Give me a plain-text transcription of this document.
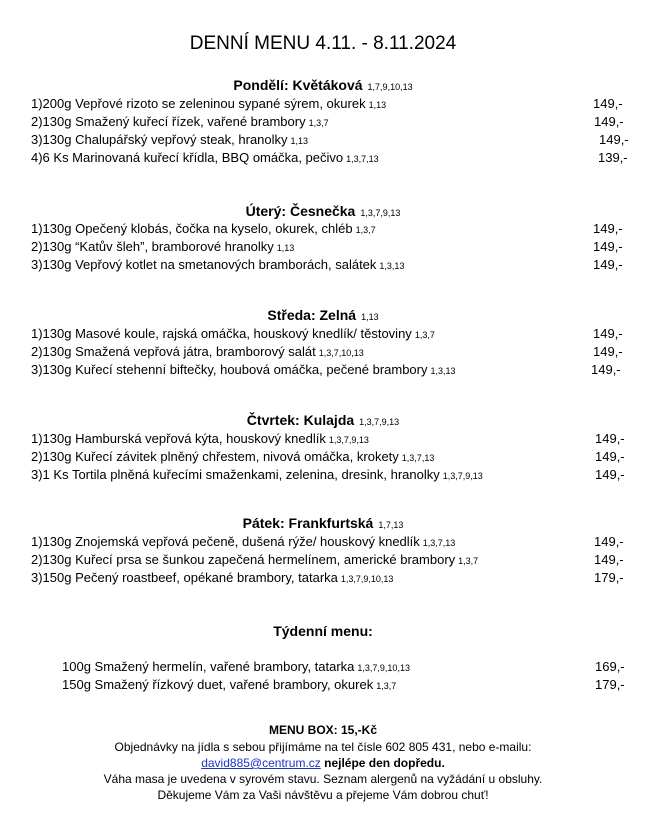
DENNÍ MENU 4.11. - 8.11.2024
Pondělí: Květáková 1,7,9,10,13
1)200g Vepřové rizoto se zeleninou sypané sýrem, okurek 1,13	149,-
2)130g Smažený kuřecí řízek, vařené brambory 1,3,7	149,-
3)130g Chalupářský vepřový steak, hranolky 1,13	149,-
4)6 Ks Marinovaná kuřecí křídla, BBQ omáčka, pečivo 1,3,7,13	139,-
Úterý: Česnečka 1,3,7,9,13
1)130g Opečený klobás, čočka na kyselo, okurek, chléb 1,3,7	149,-
2)130g “Katův šleh”, bramborové hranolky 1,13	149,-
3)130g Vepřový kotlet na smetanových bramborách, salátek 1,3,13	149,-
Středa: Zelná 1,13
1)130g Masové koule, rajská omáčka, houskový knedlík/ těstoviny 1,3,7	149,-
2)130g Smažená vepřová játra, bramborový salát 1,3,7,10,13	149,-
3)130g Kuřecí stehenní biftečky, houbová omáčka, pečené brambory 1,3,13	149,-
Čtvrtek: Kulajda 1,3,7,9,13
1)130g Hamburská vepřová kýta, houskový knedlík 1,3,7,9,13	149,-
2)130g Kuřecí závitek plněný chřestem, nivová omáčka, krokety 1,3,7,13	149,-
3)1 Ks Tortila plněná kuřecími smaženkami, zelenina, dresink, hranolky 1,3,7,9,13	149,-
Pátek: Frankfurtská 1,7,13
1)130g Znojemská vepřová pečeně, dušená rýže/ houskový knedlík 1,3,7,13	149,-
2)130g Kuřecí prsa se šunkou zapečená hermelínem, americké brambory 1,3,7	149,-
3)150g Pečený roastbeef, opékané brambory, tatarka 1,3,7,9,10,13	179,-
Týdenní menu:
100g Smažený hermelín, vařené brambory, tatarka 1,3,7,9,10,13	169,-
150g Smažený řízkový duet, vařené brambory, okurek 1,3,7	179,-
MENU BOX: 15,-Kč
Objednávky na jídla s sebou přijímáme na tel čísle 602 805 431, nebo e-mailu:
david885@centrum.cz nejlépe den dopředu.
Váha masa je uvedena v syrovém stavu. Seznam alergenů na vyžádání u obsluhy.
Děkujeme Vám za Vaši návštěvu a přejeme Vám dobrou chuť!
